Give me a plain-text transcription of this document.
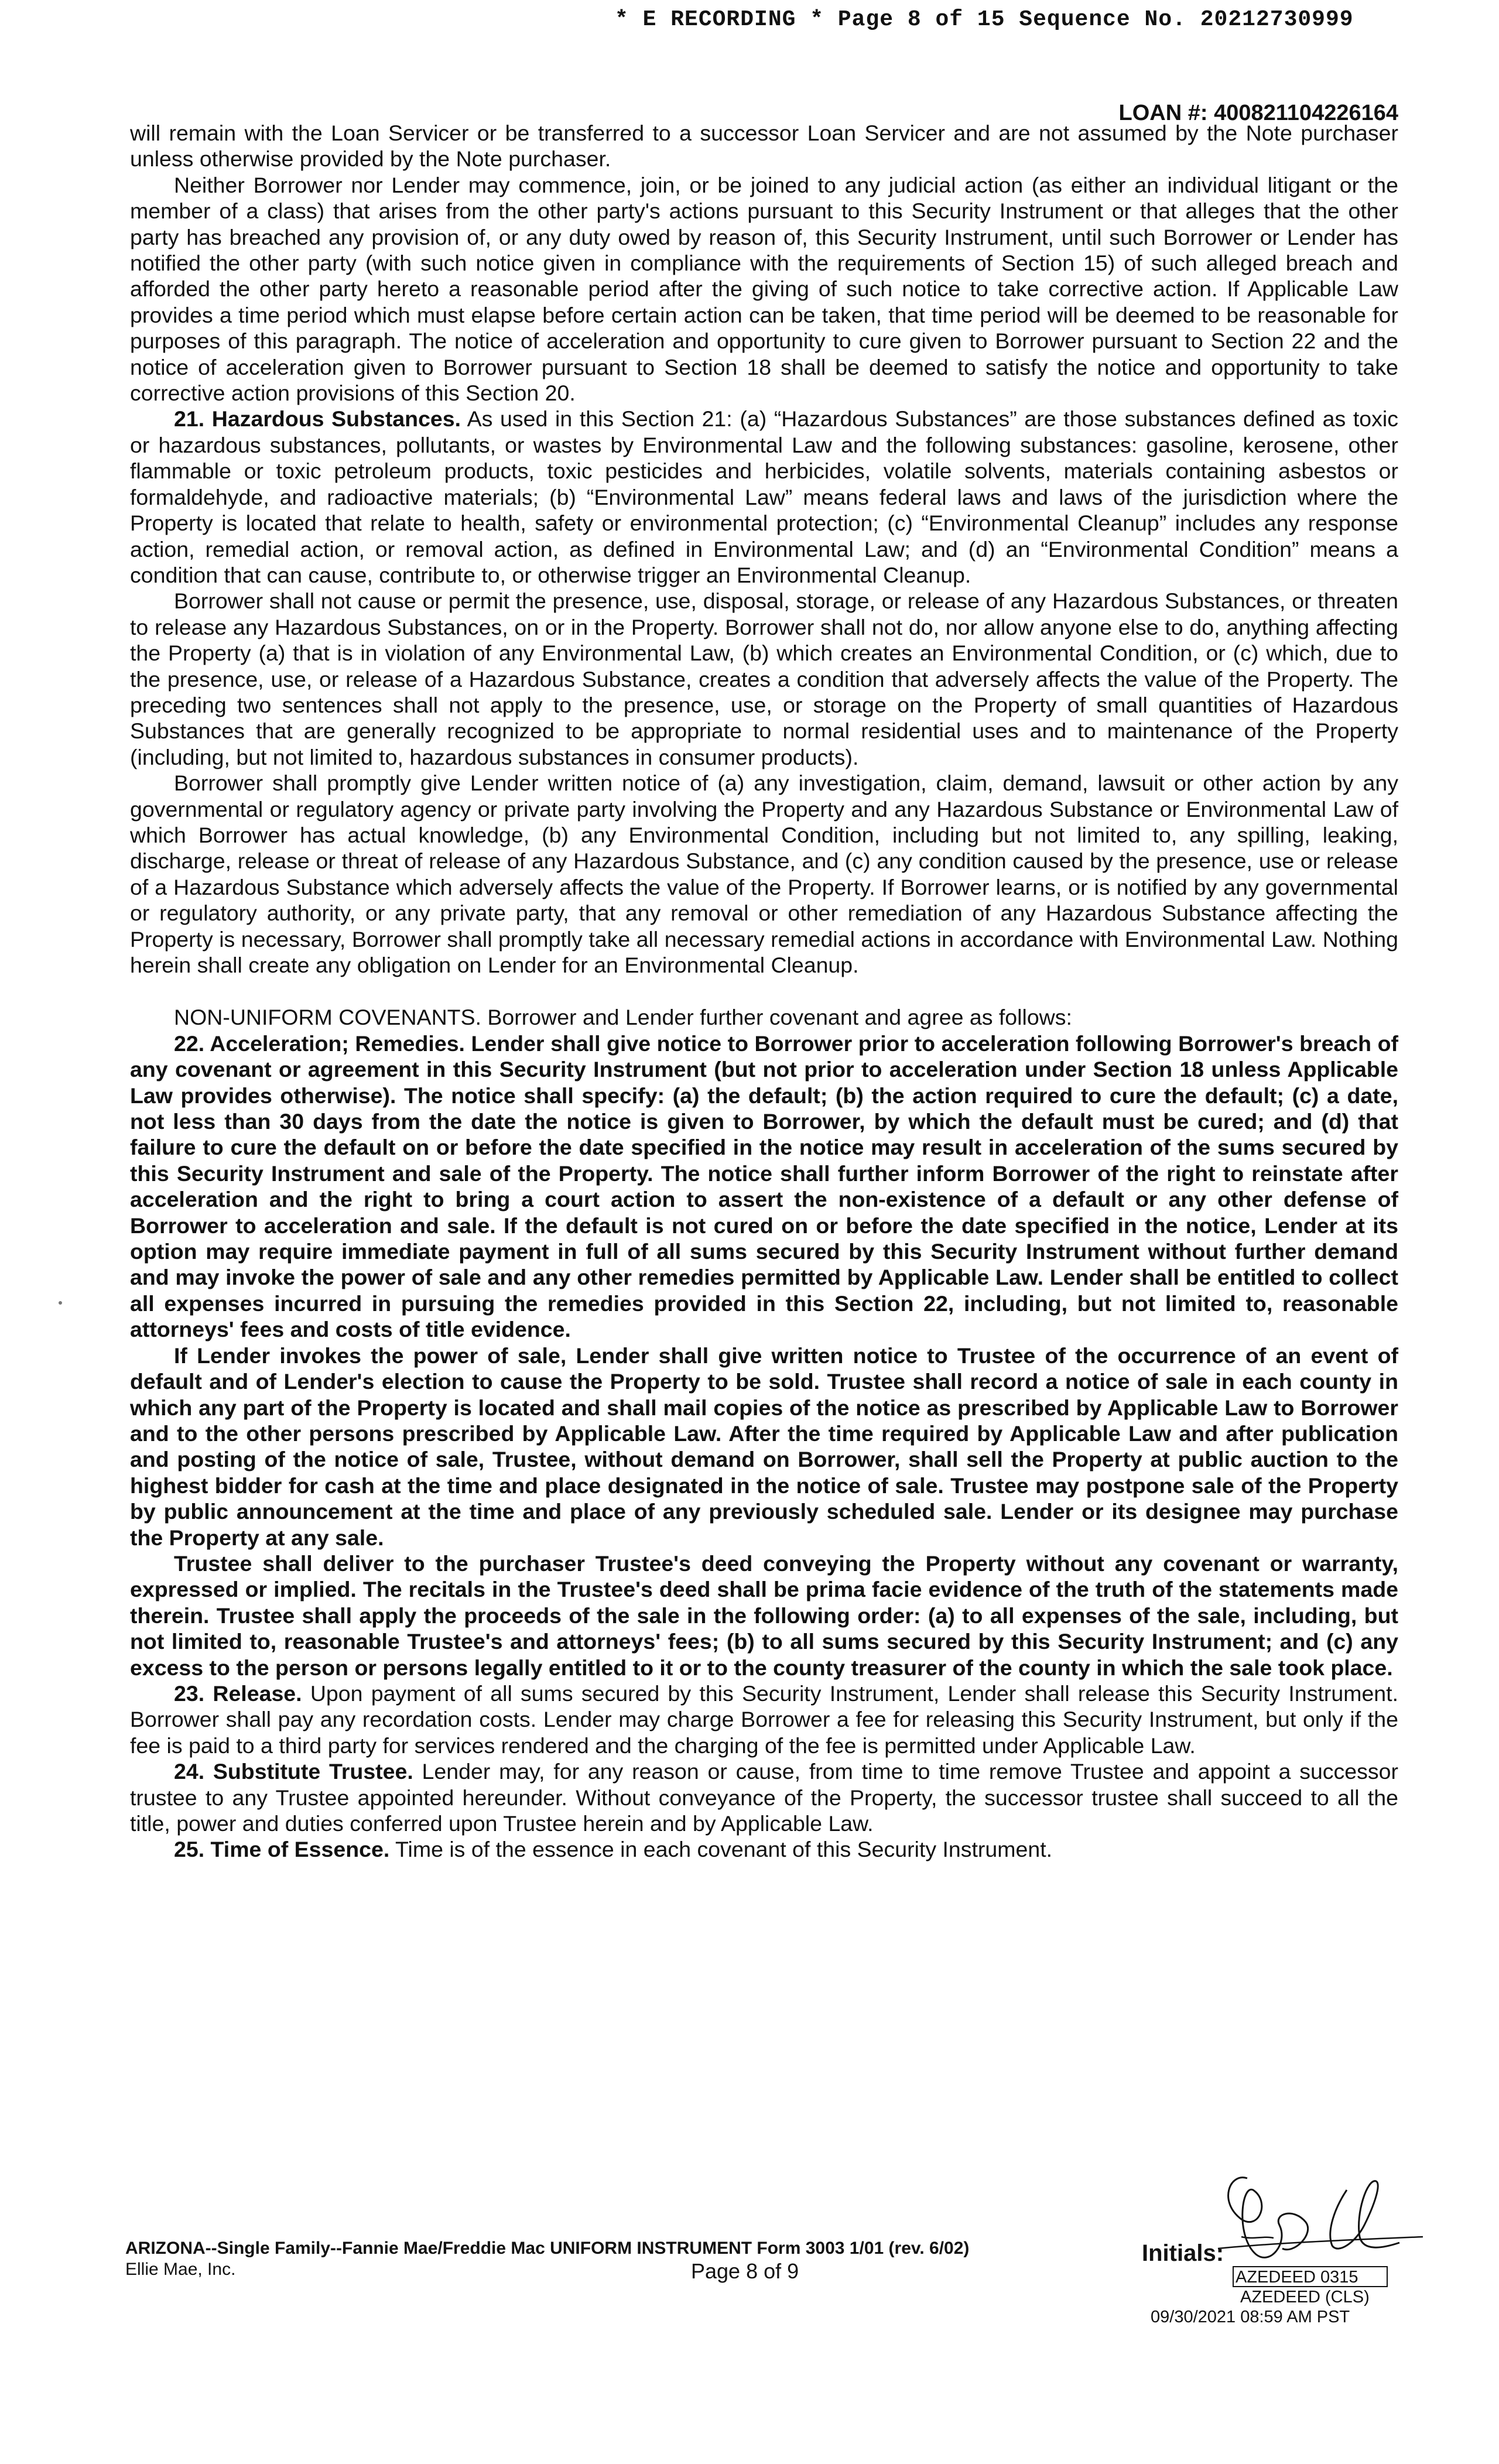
* E RECORDING * Page 8 of 15 Sequence No. 20212730999
LOAN #: 400821104226164

will remain with the Loan Servicer or be transferred to a successor Loan Servicer and are not assumed by the Note purchaser unless otherwise provided by the Note purchaser.

Neither Borrower nor Lender may commence, join, or be joined to any judicial action (as either an individual litigant or the member of a class) that arises from the other party's actions pursuant to this Security Instrument or that alleges that the other party has breached any provision of, or any duty owed by reason of, this Security Instrument, until such Borrower or Lender has notified the other party (with such notice given in compliance with the requirements of Section 15) of such alleged breach and afforded the other party hereto a reasonable period after the giving of such notice to take corrective action. If Applicable Law provides a time period which must elapse before certain action can be taken, that time period will be deemed to be reasonable for purposes of this paragraph. The notice of acceleration and opportunity to cure given to Borrower pursuant to Section 22 and the notice of acceleration given to Borrower pursuant to Section 18 shall be deemed to satisfy the notice and opportunity to take corrective action provisions of this Section 20.

21. Hazardous Substances. As used in this Section 21: (a) “Hazardous Substances” are those substances defined as toxic or hazardous substances, pollutants, or wastes by Environmental Law and the following substances: gasoline, kerosene, other flammable or toxic petroleum products, toxic pesticides and herbicides, volatile solvents, materials containing asbestos or formaldehyde, and radioactive materials; (b) “Environmental Law” means federal laws and laws of the jurisdiction where the Property is located that relate to health, safety or environmental protection; (c) “Environmental Cleanup” includes any response action, remedial action, or removal action, as defined in Environmental Law; and (d) an “Environmental Condition” means a condition that can cause, contribute to, or otherwise trigger an Environmental Cleanup.

Borrower shall not cause or permit the presence, use, disposal, storage, or release of any Hazardous Substances, or threaten to release any Hazardous Substances, on or in the Property. Borrower shall not do, nor allow anyone else to do, anything affecting the Property (a) that is in violation of any Environmental Law, (b) which creates an Environmental Condition, or (c) which, due to the presence, use, or release of a Hazardous Substance, creates a condition that adversely affects the value of the Property. The preceding two sentences shall not apply to the presence, use, or storage on the Property of small quantities of Hazardous Substances that are generally recognized to be appropriate to normal residential uses and to maintenance of the Property (including, but not limited to, hazardous substances in consumer products).

Borrower shall promptly give Lender written notice of (a) any investigation, claim, demand, lawsuit or other action by any governmental or regulatory agency or private party involving the Property and any Hazardous Substance or Environmental Law of which Borrower has actual knowledge, (b) any Environmental Condition, including but not limited to, any spilling, leaking, discharge, release or threat of release of any Hazardous Substance, and (c) any condition caused by the presence, use or release of a Hazardous Substance which adversely affects the value of the Property. If Borrower learns, or is notified by any governmental or regulatory authority, or any private party, that any removal or other remediation of any Hazardous Substance affecting the Property is necessary, Borrower shall promptly take all necessary remedial actions in accordance with Environmental Law. Nothing herein shall create any obligation on Lender for an Environmental Cleanup.

NON-UNIFORM COVENANTS. Borrower and Lender further covenant and agree as follows:

22. Acceleration; Remedies. Lender shall give notice to Borrower prior to acceleration following Borrower's breach of any covenant or agreement in this Security Instrument (but not prior to acceleration under Section 18 unless Applicable Law provides otherwise). The notice shall specify: (a) the default; (b) the action required to cure the default; (c) a date, not less than 30 days from the date the notice is given to Borrower, by which the default must be cured; and (d) that failure to cure the default on or before the date specified in the notice may result in acceleration of the sums secured by this Security Instrument and sale of the Property. The notice shall further inform Borrower of the right to reinstate after acceleration and the right to bring a court action to assert the non-existence of a default or any other defense of Borrower to acceleration and sale. If the default is not cured on or before the date specified in the notice, Lender at its option may require immediate payment in full of all sums secured by this Security Instrument without further demand and may invoke the power of sale and any other remedies permitted by Applicable Law. Lender shall be entitled to collect all expenses incurred in pursuing the remedies provided in this Section 22, including, but not limited to, reasonable attorneys' fees and costs of title evidence.

If Lender invokes the power of sale, Lender shall give written notice to Trustee of the occurrence of an event of default and of Lender's election to cause the Property to be sold. Trustee shall record a notice of sale in each county in which any part of the Property is located and shall mail copies of the notice as prescribed by Applicable Law to Borrower and to the other persons prescribed by Applicable Law. After the time required by Applicable Law and after publication and posting of the notice of sale, Trustee, without demand on Borrower, shall sell the Property at public auction to the highest bidder for cash at the time and place designated in the notice of sale. Trustee may postpone sale of the Property by public announcement at the time and place of any previously scheduled sale. Lender or its designee may purchase the Property at any sale.

Trustee shall deliver to the purchaser Trustee's deed conveying the Property without any covenant or warranty, expressed or implied. The recitals in the Trustee's deed shall be prima facie evidence of the truth of the statements made therein. Trustee shall apply the proceeds of the sale in the following order: (a) to all expenses of the sale, including, but not limited to, reasonable Trustee's and attorneys' fees; (b) to all sums secured by this Security Instrument; and (c) any excess to the person or persons legally entitled to it or to the county treasurer of the county in which the sale took place.

23. Release. Upon payment of all sums secured by this Security Instrument, Lender shall release this Security Instrument. Borrower shall pay any recordation costs. Lender may charge Borrower a fee for releasing this Security Instrument, but only if the fee is paid to a third party for services rendered and the charging of the fee is permitted under Applicable Law.

24. Substitute Trustee. Lender may, for any reason or cause, from time to time remove Trustee and appoint a successor trustee to any Trustee appointed hereunder. Without conveyance of the Property, the successor trustee shall succeed to all the title, power and duties conferred upon Trustee herein and by Applicable Law.

25. Time of Essence. Time is of the essence in each covenant of this Security Instrument.

ARIZONA--Single Family--Fannie Mae/Freddie Mac UNIFORM INSTRUMENT Form 3003 1/01 (rev. 6/02)
Ellie Mae, Inc.	Page 8 of 9
Initials:
AZEDEED 0315
AZEDEED (CLS)
09/30/2021 08:59 AM PST
